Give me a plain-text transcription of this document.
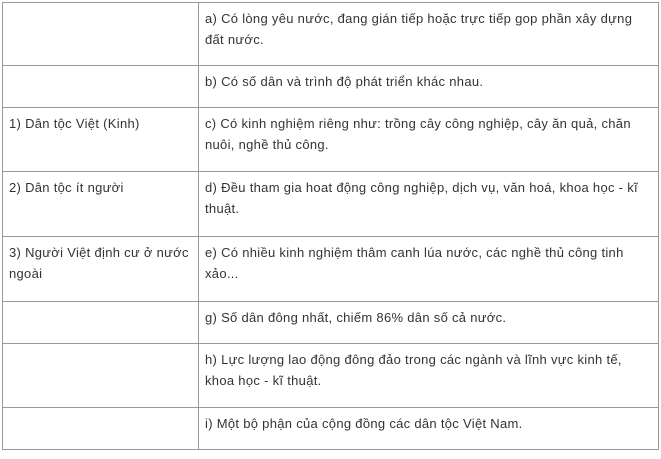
	a) Có lòng yêu nước, đang gián tiếp hoặc trực tiếp gop phần xây dựng đất nước.
	b) Có số dân và trình độ phát triển khác nhau.
1) Dân tộc Việt (Kinh)	c) Có kinh nghiệm riêng như: trồng cây công nghiệp, cây ăn quả, chăn nuôi, nghề thủ công.
2) Dân tộc ít người	d) Đều tham gia hoat động công nghiệp, dịch vụ, văn hoá, khoa học - kĩ thuật.
3) Người Việt định cư ở nước ngoài	e) Có nhiều kinh nghiệm thâm canh lúa nước, các nghề thủ công tinh xảo...
	g) Số dân đông nhất, chiếm 86% dân số cả nước.
	h) Lực lượng lao động đông đảo trong các ngành và lĩnh vực kinh tế, khoa học - kĩ thuật.
	i) Một bộ phận của cộng đồng các dân tộc Việt Nam.
